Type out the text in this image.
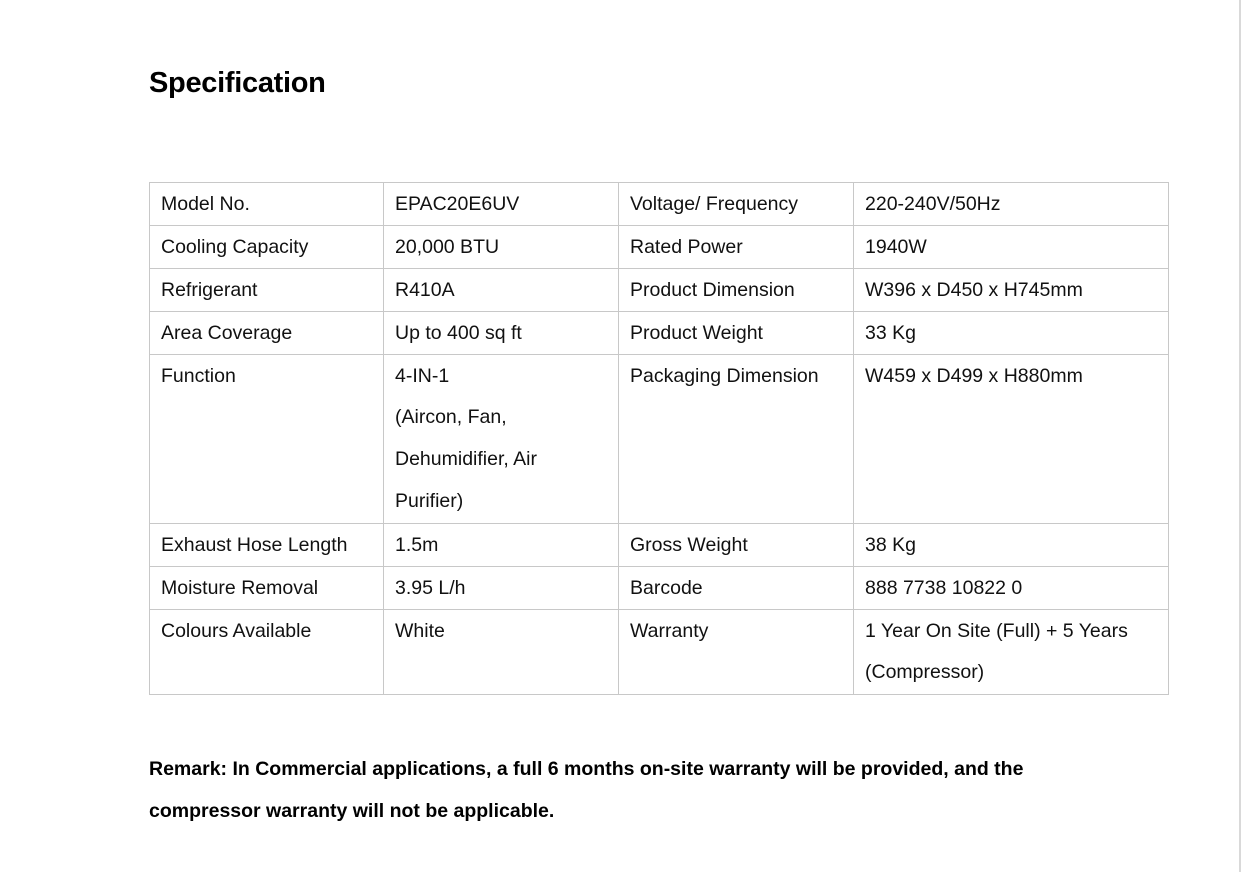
Specification
Model No.	EPAC20E6UV	Voltage/ Frequency	220-240V/50Hz

Cooling Capacity	20,000 BTU	Rated Power	1940W

Refrigerant	R410A	Product Dimension	W396 x D450 x H745mm

Area Coverage	Up to 400 sq ft	Product Weight	33 Kg

Function	4-IN-1
(Aircon, Fan,
Dehumidifier, Air
Purifier)	Packaging Dimension	W459 x D499 x H880mm

Exhaust Hose Length	1.5m	Gross Weight	38 Kg

Moisture Removal	3.95 L/h	Barcode	888 7738 10822 0

Colours Available	White	Warranty	1 Year On Site (Full) + 5 Years
(Compressor)

Remark: In Commercial applications, a full 6 months on-site warranty will be provided, and the
compressor warranty will not be applicable.
